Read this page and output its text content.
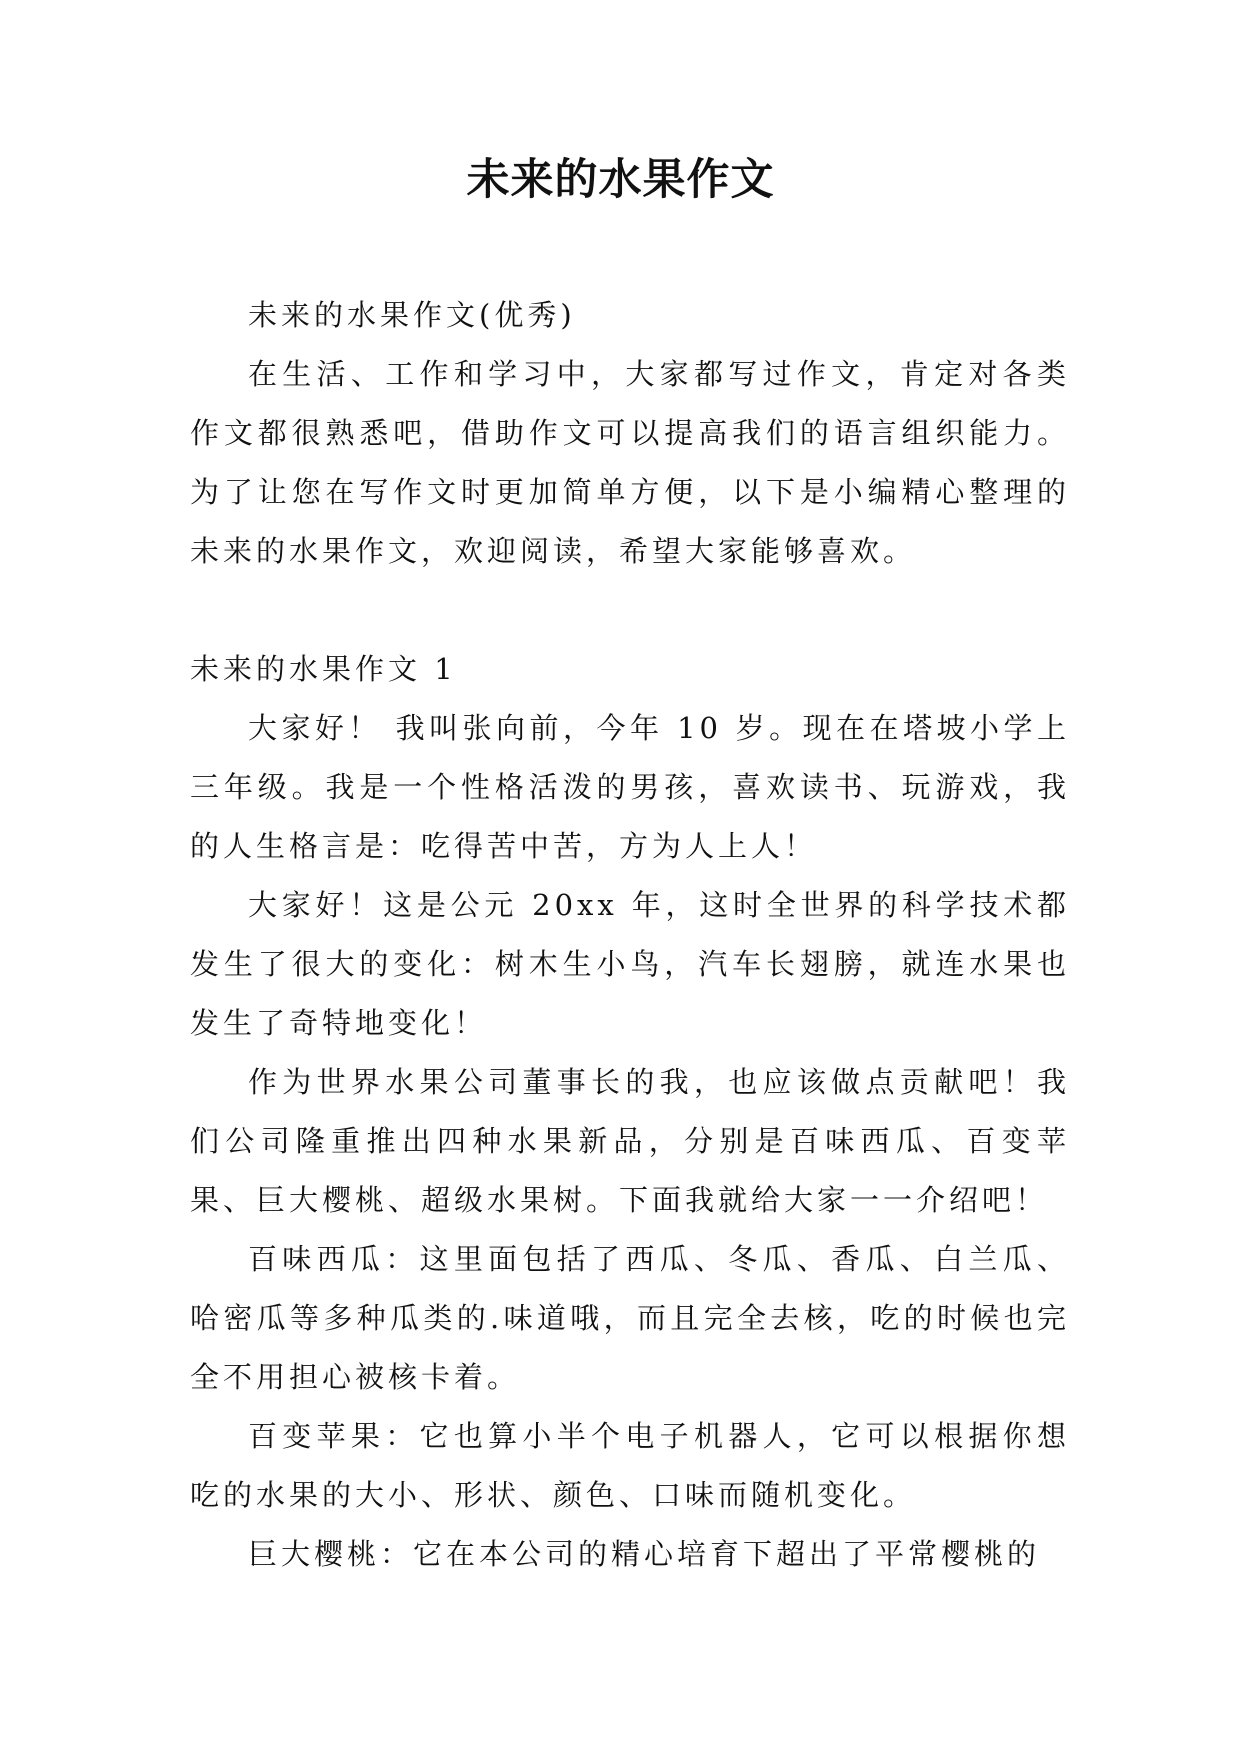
未来的水果作文

未来的水果作文(优秀)

在生活、工作和学习中，大家都写过作文，肯定对各类作文都很熟悉吧，借助作文可以提高我们的语言组织能力。为了让您在写作文时更加简单方便，以下是小编精心整理的未来的水果作文，欢迎阅读，希望大家能够喜欢。

未来的水果作文 1

大家好！ 我叫张向前，今年 10 岁。现在在塔坡小学上三年级。我是一个性格活泼的男孩，喜欢读书、玩游戏，我的人生格言是：吃得苦中苦，方为人上人！

大家好！这是公元 20xx 年，这时全世界的科学技术都发生了很大的变化：树木生小鸟，汽车长翅膀，就连水果也发生了奇特地变化！

作为世界水果公司董事长的我，也应该做点贡献吧！我们公司隆重推出四种水果新品，分别是百味西瓜、百变苹果、巨大樱桃、超级水果树。下面我就给大家一一介绍吧！

百味西瓜：这里面包括了西瓜、冬瓜、香瓜、白兰瓜、哈密瓜等多种瓜类的.味道哦，而且完全去核，吃的时候也完全不用担心被核卡着。

百变苹果：它也算小半个电子机器人，它可以根据你想吃的水果的大小、形状、颜色、口味而随机变化。

巨大樱桃：它在本公司的精心培育下超出了平常樱桃的
